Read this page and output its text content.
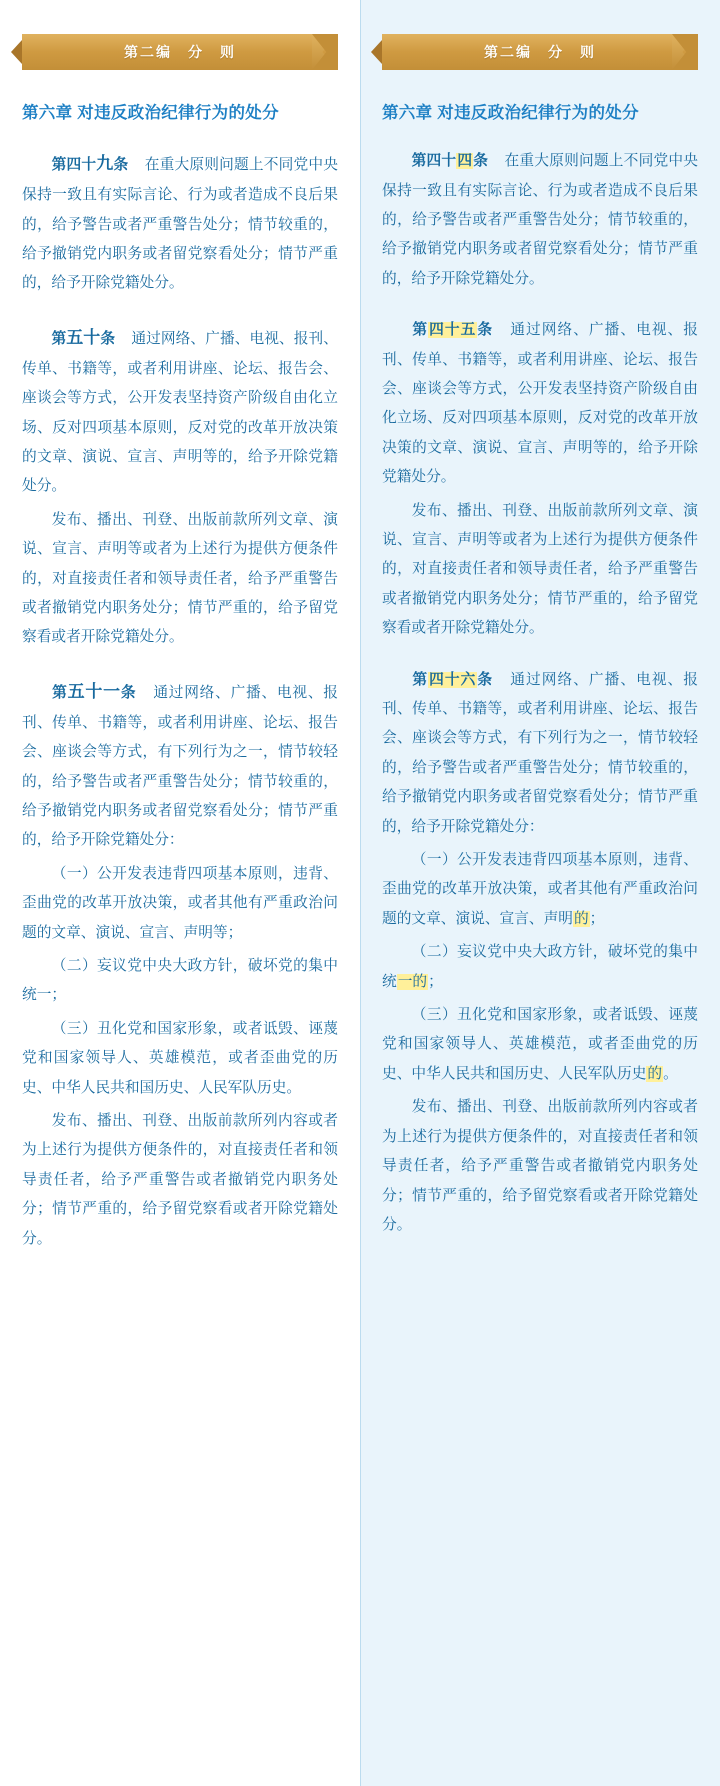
第二编　分　则
第六章 对违反政治纪律行为的处分
第四十九条 在重大原则问题上不同党中央保持一致且有实际言论、行为或者造成不良后果的，给予警告或者严重警告处分；情节较重的，给予撤销党内职务或者留党察看处分；情节严重的，给予开除党籍处分。
第五十条 通过网络、广播、电视、报刊、传单、书籍等，或者利用讲座、论坛、报告会、座谈会等方式，公开发表坚持资产阶级自由化立场、反对四项基本原则，反对党的改革开放决策的文章、演说、宣言、声明等的，给予开除党籍处分。
发布、播出、刊登、出版前款所列文章、演说、宣言、声明等或者为上述行为提供方便条件的，对直接责任者和领导责任者，给予严重警告或者撤销党内职务处分；情节严重的，给予留党察看或者开除党籍处分。
第五十一条 通过网络、广播、电视、报刊、传单、书籍等，或者利用讲座、论坛、报告会、座谈会等方式，有下列行为之一，情节较轻的，给予警告或者严重警告处分；情节较重的，给予撤销党内职务或者留党察看处分；情节严重的，给予开除党籍处分：
（一）公开发表违背四项基本原则，违背、歪曲党的改革开放决策，或者其他有严重政治问题的文章、演说、宣言、声明等；
（二）妄议党中央大政方针，破坏党的集中统一；
（三）丑化党和国家形象，或者诋毁、诬蔑党和国家领导人、英雄模范，或者歪曲党的历史、中华人民共和国历史、人民军队历史。
发布、播出、刊登、出版前款所列内容或者为上述行为提供方便条件的，对直接责任者和领导责任者，给予严重警告或者撤销党内职务处分；情节严重的，给予留党察看或者开除党籍处分。
第二编　分　则
第六章 对违反政治纪律行为的处分
第四十四条 在重大原则问题上不同党中央保持一致且有实际言论、行为或者造成不良后果的，给予警告或者严重警告处分；情节较重的，给予撤销党内职务或者留党察看处分；情节严重的，给予开除党籍处分。
第四十五条 通过网络、广播、电视、报刊、传单、书籍等，或者利用讲座、论坛、报告会、座谈会等方式，公开发表坚持资产阶级自由化立场、反对四项基本原则，反对党的改革开放决策的文章、演说、宣言、声明等的，给予开除党籍处分。
发布、播出、刊登、出版前款所列文章、演说、宣言、声明等或者为上述行为提供方便条件的，对直接责任者和领导责任者，给予严重警告或者撤销党内职务处分；情节严重的，给予留党察看或者开除党籍处分。
第四十六条 通过网络、广播、电视、报刊、传单、书籍等，或者利用讲座、论坛、报告会、座谈会等方式，有下列行为之一，情节较轻的，给予警告或者严重警告处分；情节较重的，给予撤销党内职务或者留党察看处分；情节严重的，给予开除党籍处分：
（一）公开发表违背四项基本原则，违背、歪曲党的改革开放决策，或者其他有严重政治问题的文章、演说、宣言、声明的；
（二）妄议党中央大政方针，破坏党的集中统一的；
（三）丑化党和国家形象，或者诋毁、诬蔑党和国家领导人、英雄模范，或者歪曲党的历史、中华人民共和国历史、人民军队历史的。
发布、播出、刊登、出版前款所列内容或者为上述行为提供方便条件的，对直接责任者和领导责任者，给予严重警告或者撤销党内职务处分；情节严重的，给予留党察看或者开除党籍处分。
